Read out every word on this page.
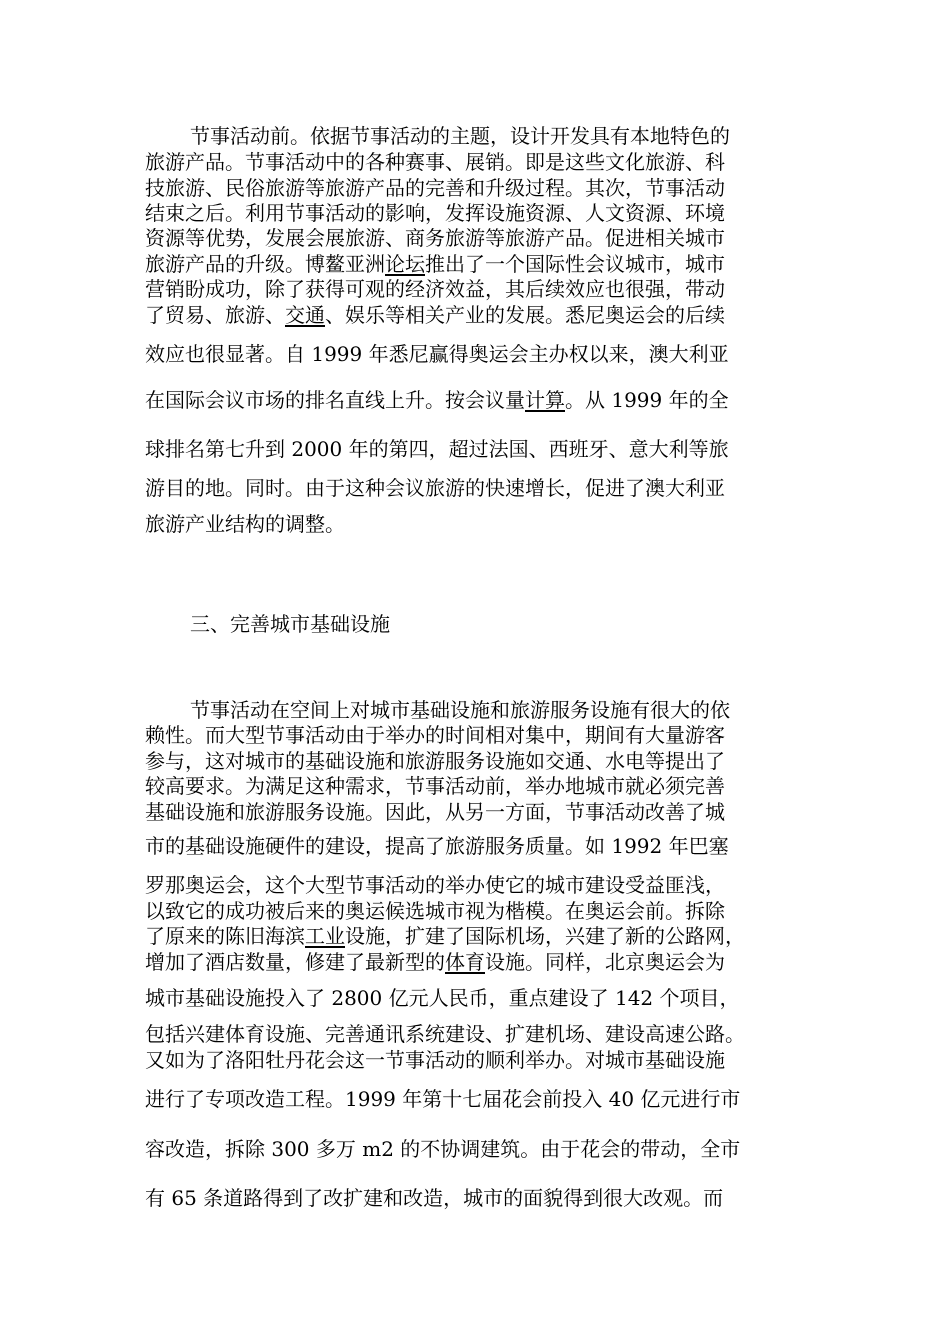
节事活动前。依据节事活动的主题，设计开发具有本地特色的
旅游产品。节事活动中的各种赛事、展销。即是这些文化旅游、科
技旅游、民俗旅游等旅游产品的完善和升级过程。其次，节事活动
结束之后。利用节事活动的影响，发挥设施资源、人文资源、环境
资源等优势，发展会展旅游、商务旅游等旅游产品。促进相关城市
旅游产品的升级。博鳌亚洲论坛推出了一个国际性会议城市，城市
营销盼成功，除了获得可观的经济效益，其后续效应也很强，带动
了贸易、旅游、交通、娱乐等相关产业的发展。悉尼奥运会的后续
效应也很显著。自 1999 年悉尼赢得奥运会主办权以来，澳大利亚
在国际会议市场的排名直线上升。按会议量计算。从 1999 年的全
球排名第七升到 2000 年的第四，超过法国、西班牙、意大利等旅
游目的地。同时。由于这种会议旅游的快速增长，促进了澳大利亚
旅游产业结构的调整。
三、完善城市基础设施
节事活动在空间上对城市基础设施和旅游服务设施有很大的依
赖性。而大型节事活动由于举办的时间相对集中，期间有大量游客
参与，这对城市的基础设施和旅游服务设施如交通、水电等提出了
较高要求。为满足这种需求，节事活动前，举办地城市就必须完善
基础设施和旅游服务设施。因此，从另一方面，节事活动改善了城
市的基础设施硬件的建设，提高了旅游服务质量。如 1992 年巴塞
罗那奥运会，这个大型节事活动的举办使它的城市建设受益匪浅，
以致它的成功被后来的奥运候选城市视为楷模。在奥运会前。拆除
了原来的陈旧海滨工业设施，扩建了国际机场，兴建了新的公路网，
增加了酒店数量，修建了最新型的体育设施。同样，北京奥运会为
城市基础设施投入了 2800 亿元人民币，重点建设了 142 个项目，
包括兴建体育设施、完善通讯系统建设、扩建机场、建设高速公路。
又如为了洛阳牡丹花会这一节事活动的顺利举办。对城市基础设施
进行了专项改造工程。1999 年第十七届花会前投入 40 亿元进行市
容改造，拆除 300 多万 m2 的不协调建筑。由于花会的带动，全市
有 65 条道路得到了改扩建和改造，城市的面貌得到很大改观。而
